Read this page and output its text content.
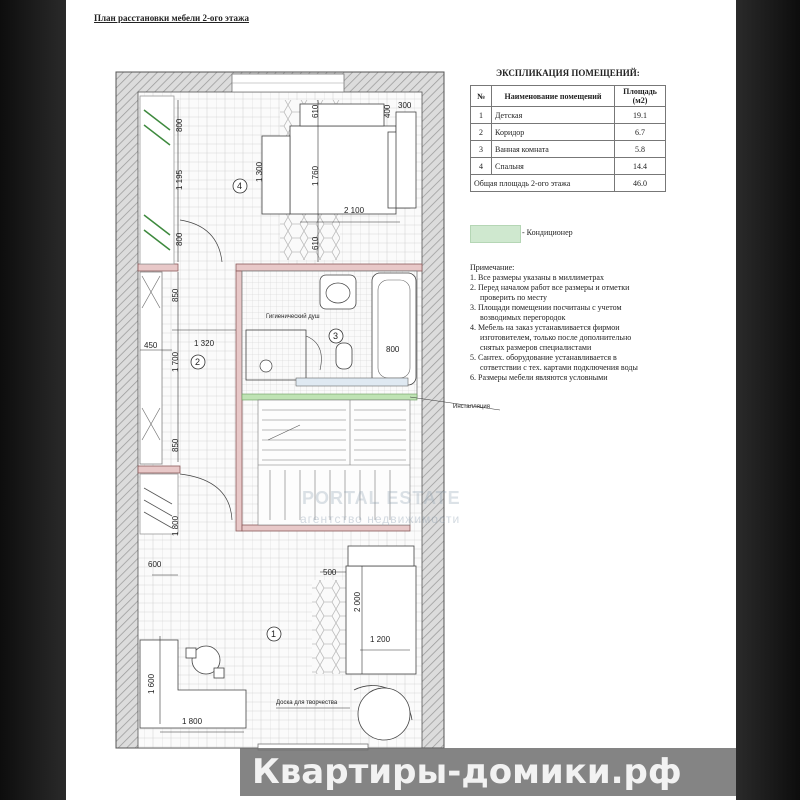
План расстановки мебели 2-ого этажа
300
610	400
800
1 195	1 300	1 760
2 100
800	610
850
1 320
450
1 700
850
1 800
800
600
500
2 000
1 200
1 600
1 800
4
2
3
1
Гигиенический душ
Инсталляция
Доска для творчества
ЭКСПЛИКАЦИЯ ПОМЕЩЕНИЙ:
№	Наименование помещений	Площадь (м2)
1	Детская	19.1
2	Коридор	6.7
3	Ванная комната	5.8
4	Спальня	14.4
Общая площадь 2-ого этажа		46.0
- Кондиционер
Примечание:
1. Все размеры указаны в миллиметрах
2. Перед началом работ все размеры и отметки
проверить по месту
3. Площади помещении посчитаны с учетом
возводимых перегородок
4. Мебель на заказ устанавливается фирмои
изготовителем, только после дополнительно
снятых размеров специалистами
5. Сантех. оборудование устанавливается в
сответствии с тех. картами подключения воды
6. Размеры мебели являются условными
PORTAL ESTATE
агентство недвижимости
Квартиры-домики.рф
